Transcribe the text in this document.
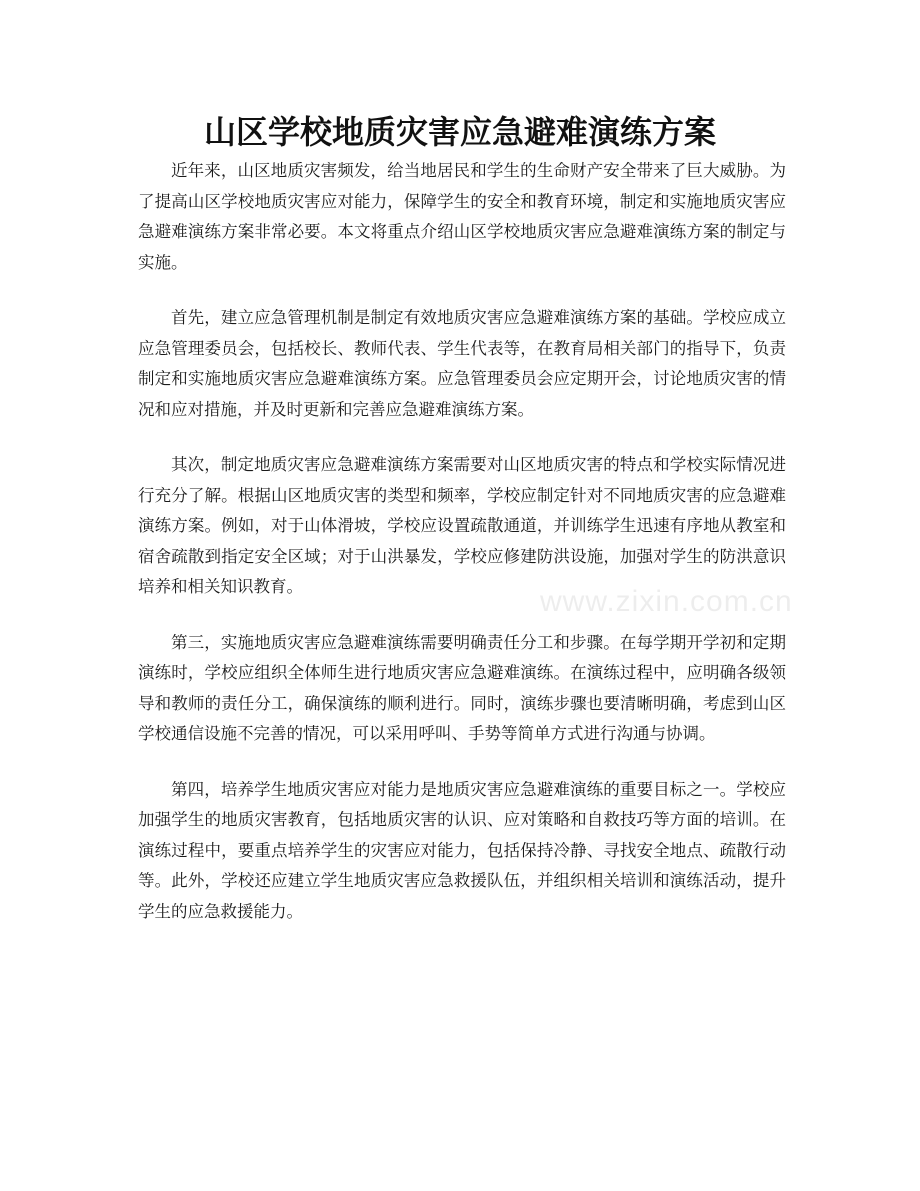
山区学校地质灾害应急避难演练方案
www.zixin.com.cn

近年来，山区地质灾害频发，给当地居民和学生的生命财产安全带来了巨大威胁。为了提高山区学校地质灾害应对能力，保障学生的安全和教育环境，制定和实施地质灾害应急避难演练方案非常必要。本文将重点介绍山区学校地质灾害应急避难演练方案的制定与实施。

首先，建立应急管理机制是制定有效地质灾害应急避难演练方案的基础。学校应成立应急管理委员会，包括校长、教师代表、学生代表等，在教育局相关部门的指导下，负责制定和实施地质灾害应急避难演练方案。应急管理委员会应定期开会，讨论地质灾害的情况和应对措施，并及时更新和完善应急避难演练方案。

其次，制定地质灾害应急避难演练方案需要对山区地质灾害的特点和学校实际情况进行充分了解。根据山区地质灾害的类型和频率，学校应制定针对不同地质灾害的应急避难演练方案。例如，对于山体滑坡，学校应设置疏散通道，并训练学生迅速有序地从教室和宿舍疏散到指定安全区域；对于山洪暴发，学校应修建防洪设施，加强对学生的防洪意识培养和相关知识教育。

第三，实施地质灾害应急避难演练需要明确责任分工和步骤。在每学期开学初和定期演练时，学校应组织全体师生进行地质灾害应急避难演练。在演练过程中，应明确各级领导和教师的责任分工，确保演练的顺利进行。同时，演练步骤也要清晰明确，考虑到山区学校通信设施不完善的情况，可以采用呼叫、手势等简单方式进行沟通与协调。

第四，培养学生地质灾害应对能力是地质灾害应急避难演练的重要目标之一。学校应加强学生的地质灾害教育，包括地质灾害的认识、应对策略和自救技巧等方面的培训。在演练过程中，要重点培养学生的灾害应对能力，包括保持冷静、寻找安全地点、疏散行动等。此外，学校还应建立学生地质灾害应急救援队伍，并组织相关培训和演练活动，提升学生的应急救援能力。
